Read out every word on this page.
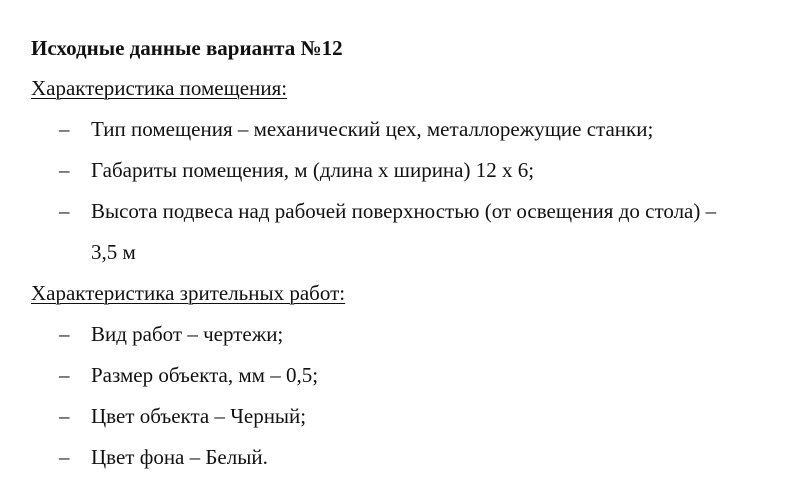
Исходные данные варианта №12
Характеристика помещения:
– Тип помещения – механический цех, металлорежущие станки;
– Габариты помещения, м (длина х ширина) 12 х 6;
– Высота подвеса над рабочей поверхностью (от освещения до стола) –
3,5 м
Характеристика зрительных работ:
– Вид работ – чертежи;
– Размер объекта, мм – 0,5;
– Цвет объекта – Черный;
– Цвет фона – Белый.
